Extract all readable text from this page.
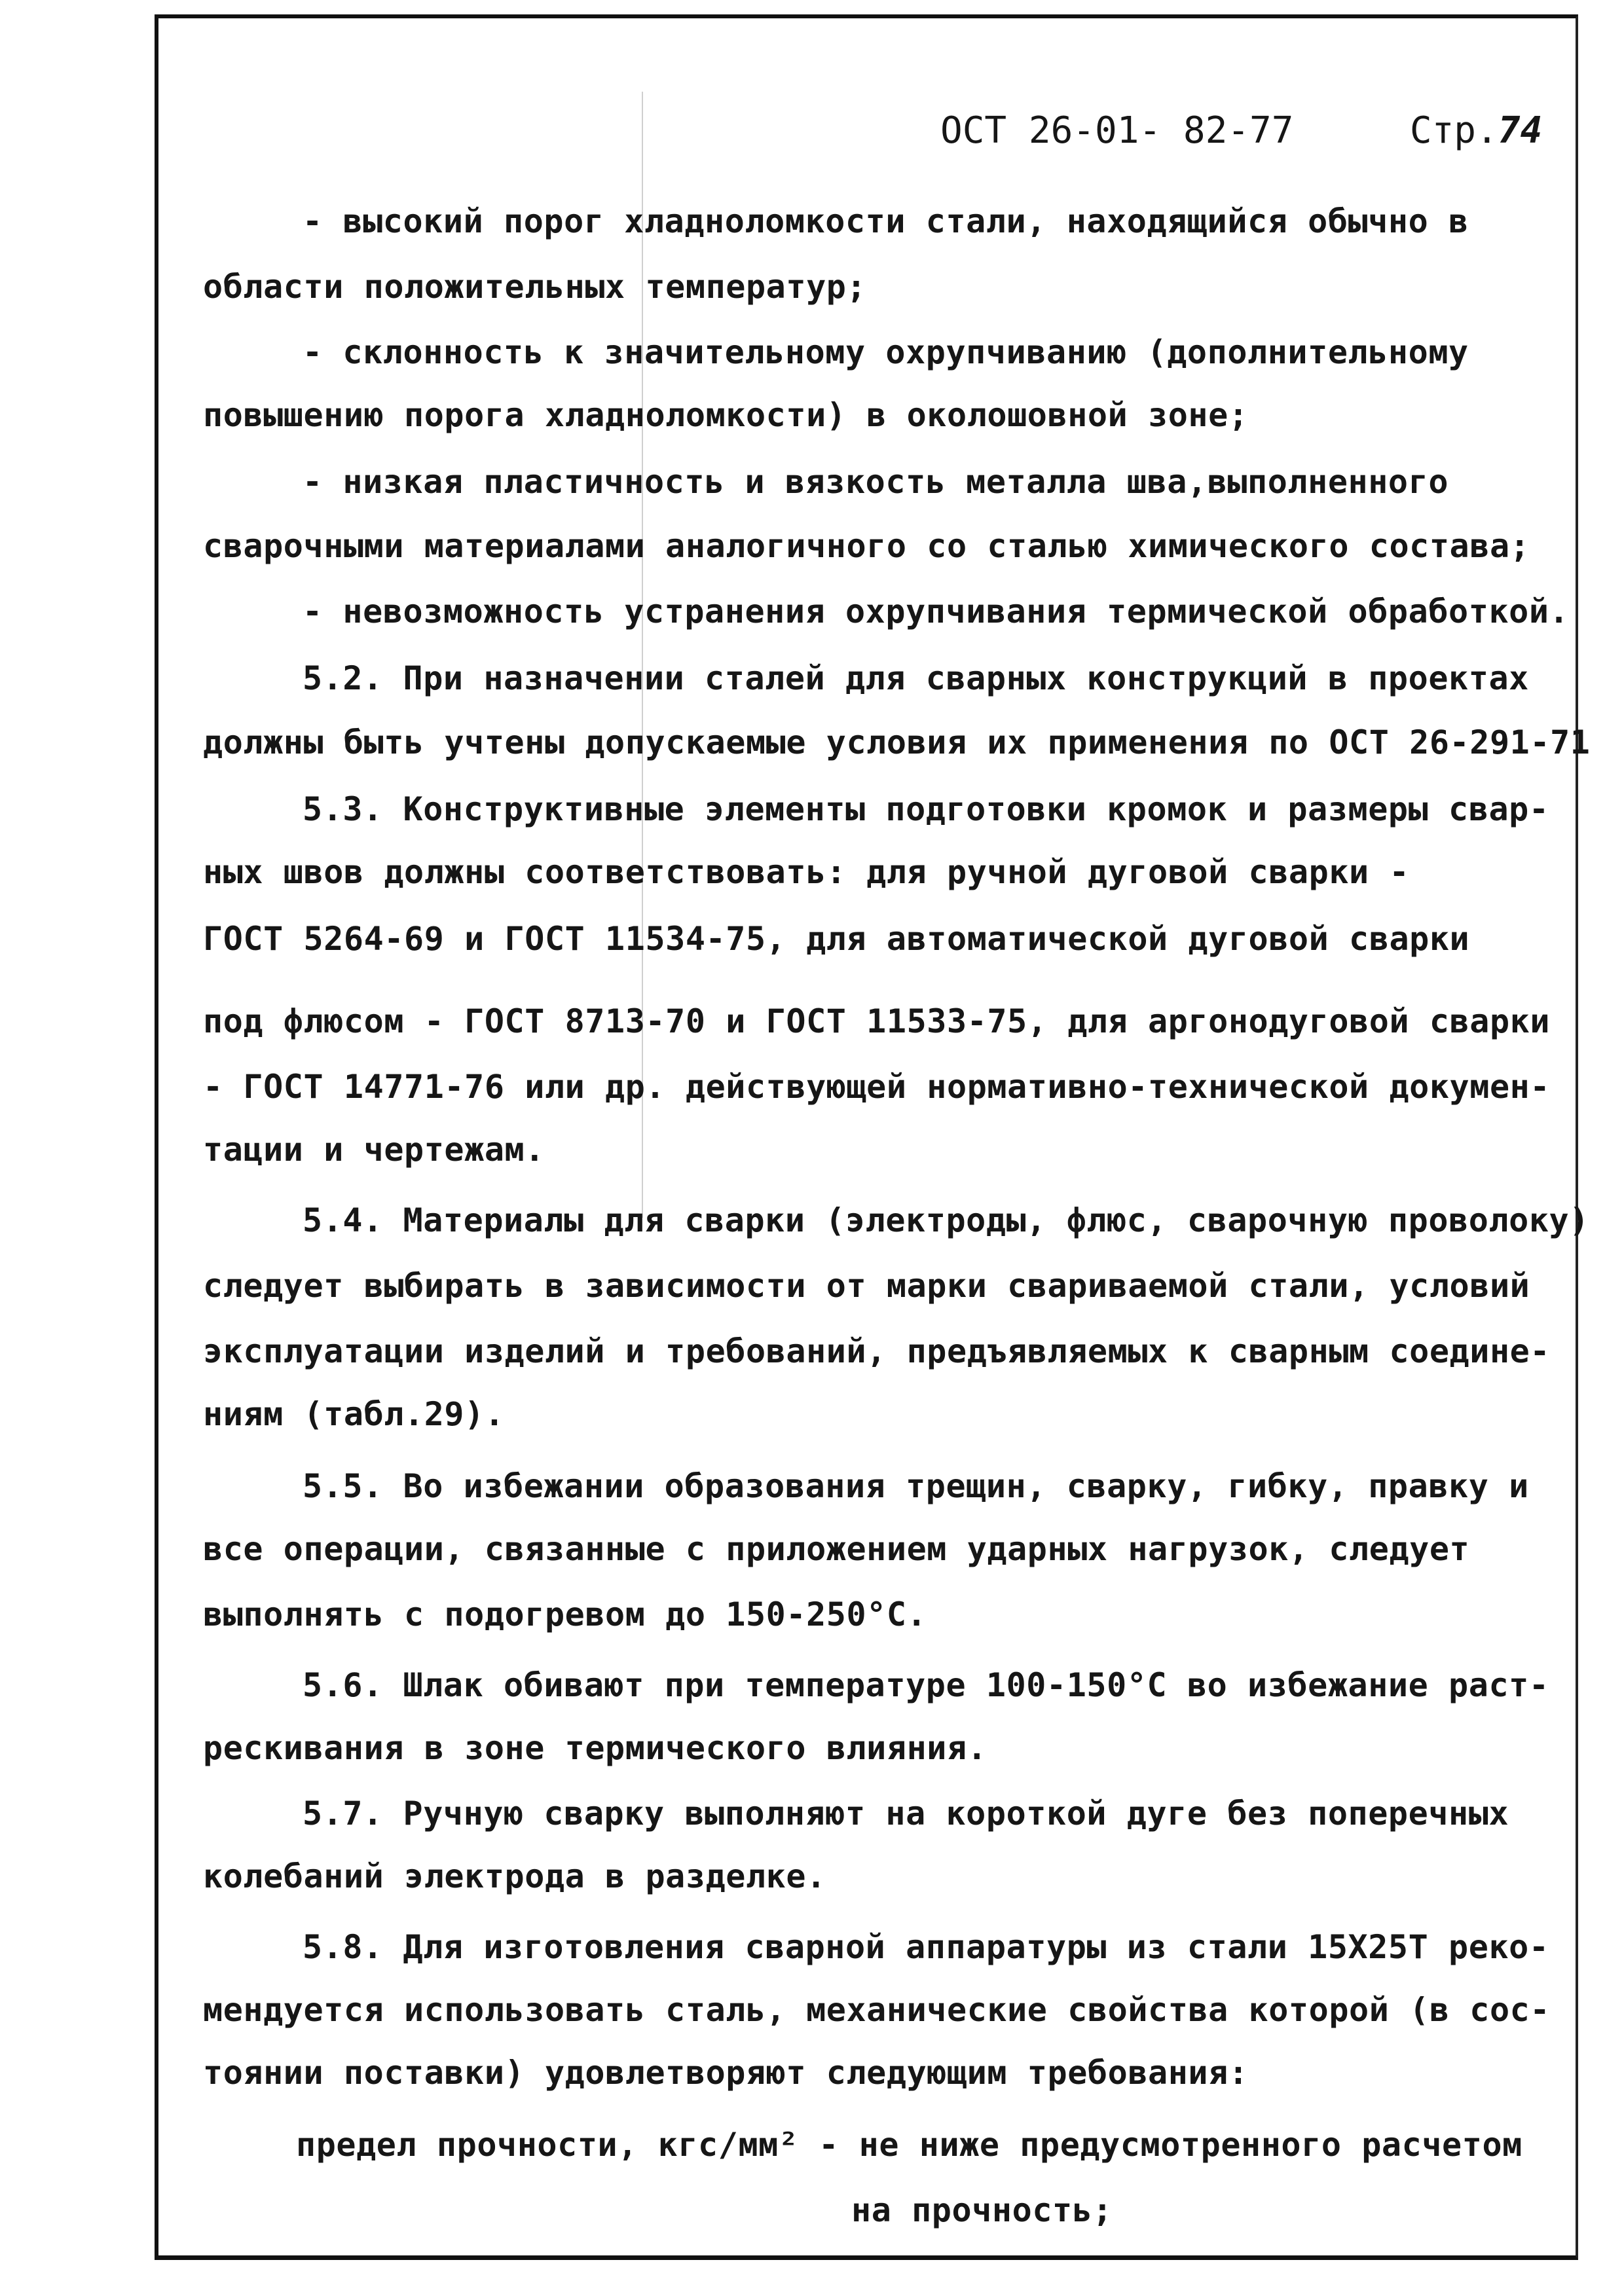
ОСТ 26-01- 82-77	Стр.74
- высокий порог хладноломкости стали, находящийся обычно в
области положительных температур;
- склонность к значительному охрупчиванию (дополнительному
повышению порога хладноломкости) в околошовной зоне;
- низкая пластичность и вязкость металла шва,выполненного
сварочными материалами аналогичного со сталью химического состава;
- невозможность устранения охрупчивания термической обработкой.
5.2. При назначении сталей для сварных конструкций в проектах
должны быть учтены допускаемые условия их применения по ОСТ 26-291-71
5.3. Конструктивные элементы подготовки кромок и размеры свар-
ных швов должны соответствовать: для ручной дуговой сварки -
ГОСТ 5264-69 и ГОСТ 11534-75, для автоматической дуговой сварки
под флюсом - ГОСТ 8713-70 и ГОСТ 11533-75, для аргонодуговой сварки
- ГОСТ 14771-76 или др. действующей нормативно-технической докумен-
тации и чертежам.
5.4. Материалы для сварки (электроды, флюс, сварочную проволоку)
следует выбирать в зависимости от марки свариваемой стали, условий
эксплуатации изделий и требований, предъявляемых к сварным соедине-
ниям (табл.29).
5.5. Во избежании образования трещин, сварку, гибку, правку и
все операции, связанные с приложением ударных нагрузок, следует
выполнять с подогревом до 150-250°С.
5.6. Шлак обивают при температуре 100-150°С во избежание раст-
рескивания в зоне термического влияния.
5.7. Ручную сварку выполняют на короткой дуге без поперечных
колебаний электрода в разделке.
5.8. Для изготовления сварной аппаратуры из стали 15Х25Т реко-
мендуется использовать сталь, механические свойства которой (в сос-
тоянии поставки) удовлетворяют следующим требования:
предел прочности, кгс/мм² - не ниже предусмотренного расчетом
на прочность;
